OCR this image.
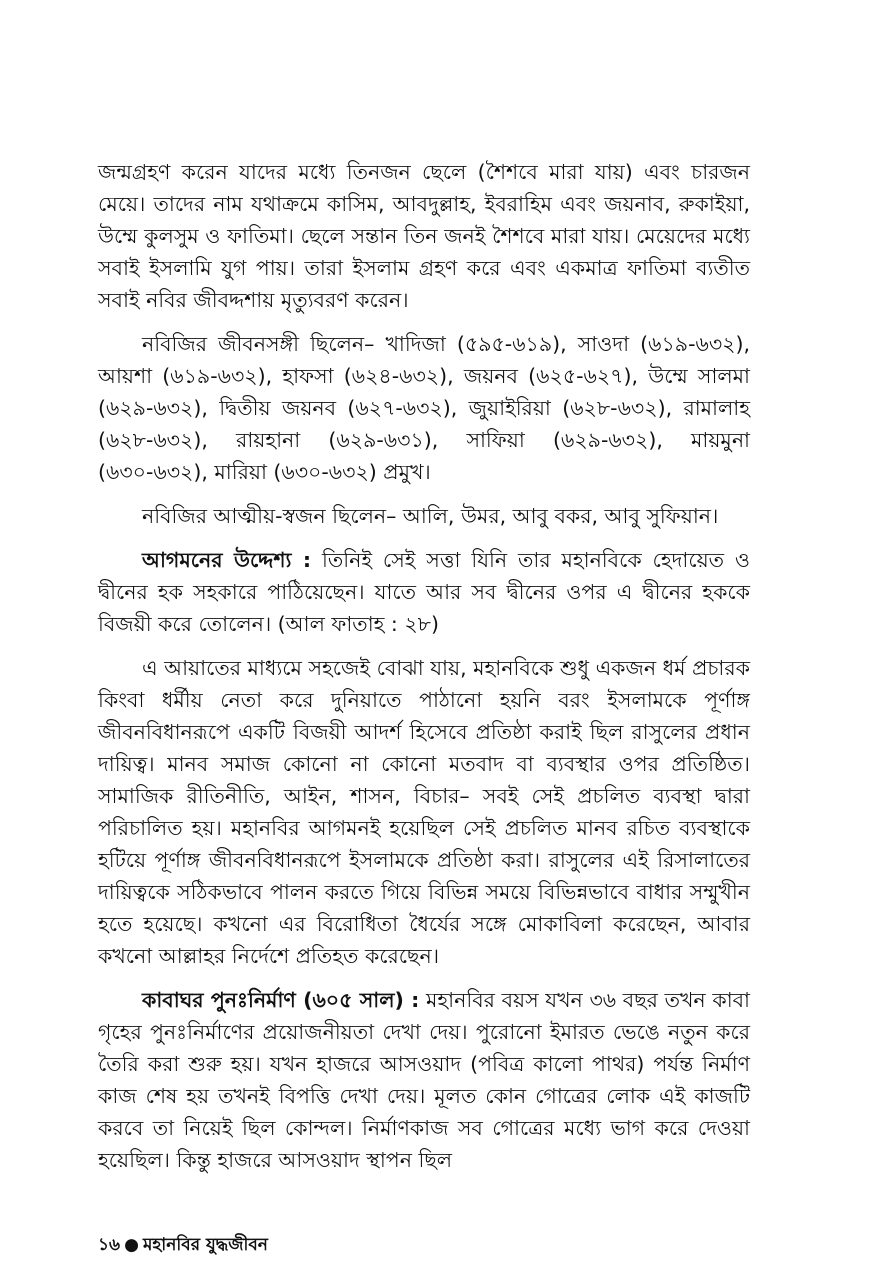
জন্মগ্রহণ করেন যাদের মধ্যে তিনজন ছেলে (শৈশবে মারা যায়) এবং চারজন মেয়ে। তাদের নাম যথাক্রমে কাসিম, আবদুল্লাহ, ইবরাহিম এবং জয়নাব, রুকাইয়া, উম্মে কুলসুম ও ফাতিমা। ছেলে সন্তান তিন জনই শৈশবে মারা যায়। মেয়েদের মধ্যে সবাই ইসলামি যুগ পায়। তারা ইসলাম গ্রহণ করে এবং একমাত্র ফাতিমা ব্যতীত সবাই নবির জীবদ্দশায় মৃত্যুবরণ করেন।

নবিজির জীবনসঙ্গী ছিলেন– খাদিজা (৫৯৫-৬১৯), সাওদা (৬১৯-৬৩২), আয়শা (৬১৯-৬৩২), হাফসা (৬২৪-৬৩২), জয়নব (৬২৫-৬২৭), উম্মে সালমা (৬২৯-৬৩২), দ্বিতীয় জয়নব (৬২৭-৬৩২), জুয়াইরিয়া (৬২৮-৬৩২), রামালাহ (৬২৮-৬৩২), রায়হানা (৬২৯-৬৩১), সাফিয়া (৬২৯-৬৩২), মায়মুনা (৬৩০-৬৩২), মারিয়া (৬৩০-৬৩২) প্রমুখ।

নবিজির আত্মীয়-স্বজন ছিলেন– আলি, উমর, আবু বকর, আবু সুফিয়ান।

আগমনের উদ্দেশ্য : তিনিই সেই সত্তা যিনি তার মহানবিকে হেদায়েত ও দ্বীনের হক সহকারে পাঠিয়েছেন। যাতে আর সব দ্বীনের ওপর এ দ্বীনের হককে বিজয়ী করে তোলেন। (আল ফাতাহ : ২৮)

এ আয়াতের মাধ্যমে সহজেই বোঝা যায়, মহানবিকে শুধু একজন ধর্ম প্রচারক কিংবা ধর্মীয় নেতা করে দুনিয়াতে পাঠানো হয়নি বরং ইসলামকে পূর্ণাঙ্গ জীবনবিধানরূপে একটি বিজয়ী আদর্শ হিসেবে প্রতিষ্ঠা করাই ছিল রাসুলের প্রধান দায়িত্ব। মানব সমাজ কোনো না কোনো মতবাদ বা ব্যবস্থার ওপর প্রতিষ্ঠিত। সামাজিক রীতিনীতি, আইন, শাসন, বিচার– সবই সেই প্রচলিত ব্যবস্থা দ্বারা পরিচালিত হয়। মহানবির আগমনই হয়েছিল সেই প্রচলিত মানব রচিত ব্যবস্থাকে হটিয়ে পূর্ণাঙ্গ জীবনবিধানরূপে ইসলামকে প্রতিষ্ঠা করা। রাসুলের এই রিসালাতের দায়িত্বকে সঠিকভাবে পালন করতে গিয়ে বিভিন্ন সময়ে বিভিন্নভাবে বাধার সম্মুখীন হতে হয়েছে। কখনো এর বিরোধিতা ধৈর্যের সঙ্গে মোকাবিলা করেছেন, আবার কখনো আল্লাহর নির্দেশে প্রতিহত করেছেন।

কাবাঘর পুনঃনির্মাণ (৬০৫ সাল) : মহানবির বয়স যখন ৩৬ বছর তখন কাবা গৃহের পুনঃনির্মাণের প্রয়োজনীয়তা দেখা দেয়। পুরোনো ইমারত ভেঙে নতুন করে তৈরি করা শুরু হয়। যখন হাজরে আসওয়াদ (পবিত্র কালো পাথর) পর্যন্ত নির্মাণ কাজ শেষ হয় তখনই বিপত্তি দেখা দেয়। মূলত কোন গোত্রের লোক এই কাজটি করবে তা নিয়েই ছিল কোন্দল। নির্মাণকাজ সব গোত্রের মধ্যে ভাগ করে দেওয়া হয়েছিল। কিন্তু হাজরে আসওয়াদ স্থাপন ছিল

১৬ ● মহানবির যুদ্ধজীবন
